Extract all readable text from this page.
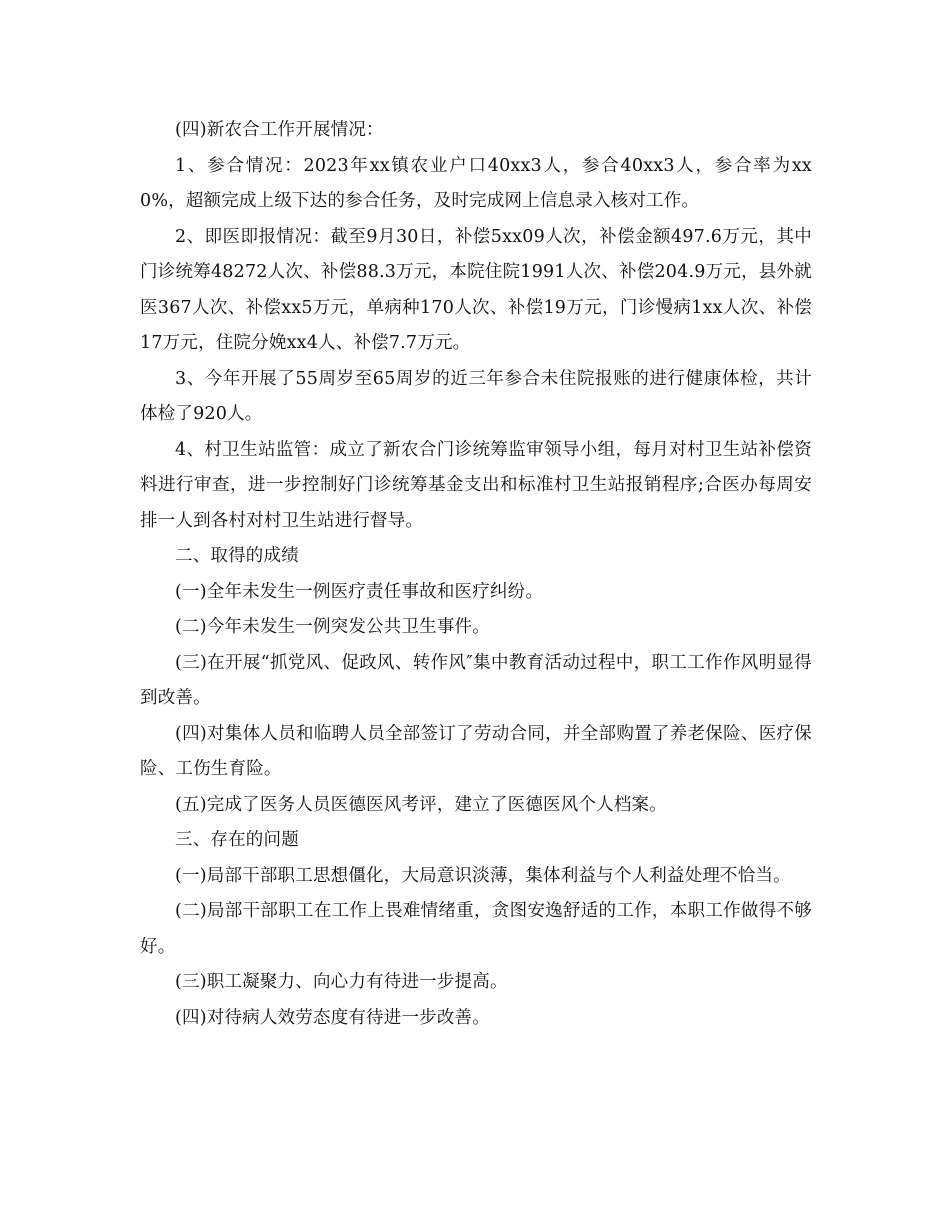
(四)新农合工作开展情况：

1、参合情况：2023年xx镇农业户口40xx3人，参合40xx3人，参合率为xx0%，超额完成上级下达的参合任务，及时完成网上信息录入核对工作。

2、即医即报情况：截至9月30日，补偿5xx09人次，补偿金额497.6万元，其中门诊统筹48272人次、补偿88.3万元，本院住院1991人次、补偿204.9万元，县外就医367人次、补偿xx5万元，单病种170人次、补偿19万元，门诊慢病1xx人次、补偿17万元，住院分娩xx4人、补偿7.7万元。

3、今年开展了55周岁至65周岁的近三年参合未住院报账的进行健康体检，共计体检了920人。

4、村卫生站监管：成立了新农合门诊统筹监审领导小组，每月对村卫生站补偿资料进行审查，进一步控制好门诊统筹基金支出和标准村卫生站报销程序;合医办每周安排一人到各村对村卫生站进行督导。

二、取得的成绩

(一)全年未发生一例医疗责任事故和医疗纠纷。

(二)今年未发生一例突发公共卫生事件。

(三)在开展“抓党风、促政风、转作风″集中教育活动过程中，职工工作作风明显得到改善。

(四)对集体人员和临聘人员全部签订了劳动合同，并全部购置了养老保险、医疗保险、工伤生育险。

(五)完成了医务人员医德医风考评，建立了医德医风个人档案。

三、存在的问题

(一)局部干部职工思想僵化，大局意识淡薄，集体利益与个人利益处理不恰当。

(二)局部干部职工在工作上畏难情绪重，贪图安逸舒适的工作，本职工作做得不够好。

(三)职工凝聚力、向心力有待进一步提高。

(四)对待病人效劳态度有待进一步改善。
